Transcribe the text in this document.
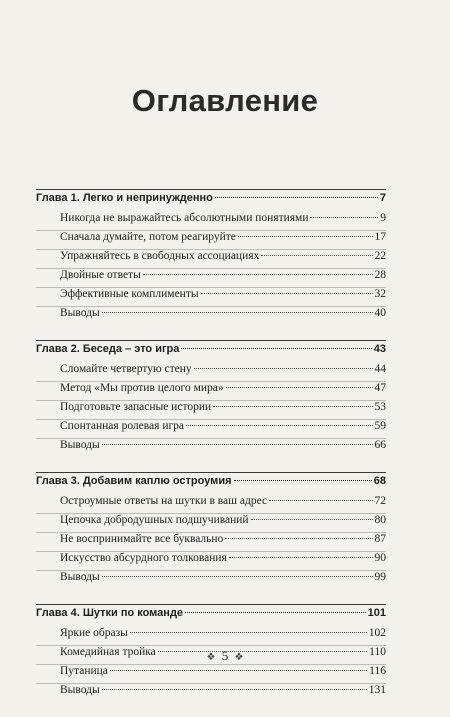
Оглавление
Глава 1. Легко и непринужденно	7
Никогда не выражайтесь абсолютными понятиями	9
Сначала думайте, потом реагируйте	17
Упражняйтесь в свободных ассоциациях	22
Двойные ответы	28
Эффективные комплименты	32
Выводы	40
Глава 2. Беседа – это игра	43
Сломайте четвертую стену	44
Метод «Мы против целого мира»	47
Подготовьте запасные истории	53
Спонтанная ролевая игра	59
Выводы	66
Глава 3. Добавим каплю остроумия	68
Остроумные ответы на шутки в ваш адрес	72
Цепочка добродушных подшучиваний	80
Не воспринимайте все буквально	87
Искусство абсурдного толкования	90
Выводы	99
Глава 4. Шутки по команде	101
Яркие образы	102
Комедийная тройка	110
Путаница	116
Выводы	131
❖ 5 ❖
